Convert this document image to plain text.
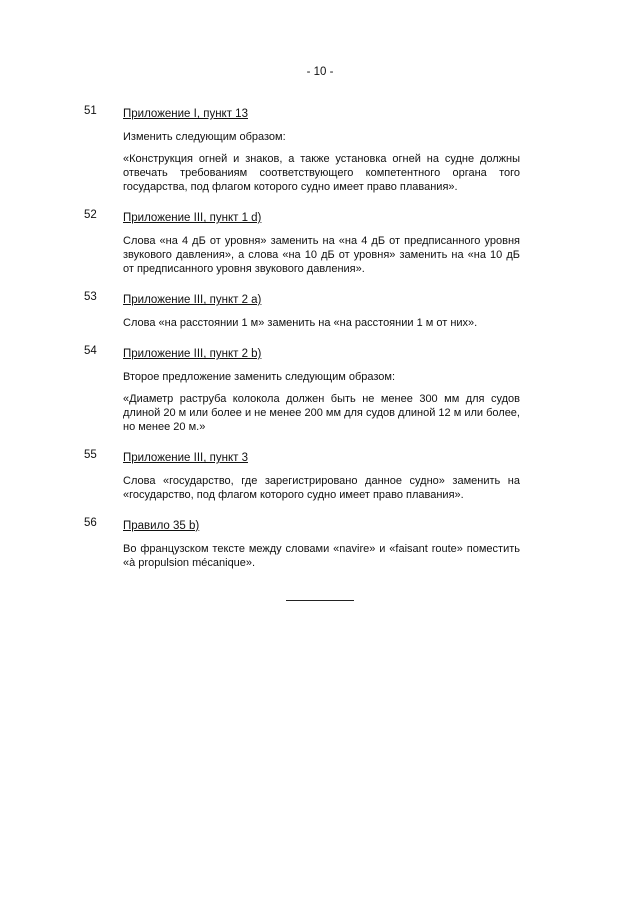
- 10 -
51 Приложение I, пункт 13

Изменить следующим образом:

«Конструкция огней и знаков, а также установка огней на судне должны отвечать требованиям соответствующего компетентного органа того государства, под флагом которого судно имеет право плавания».

52 Приложение III, пункт 1 d)

Слова «на 4 дБ от уровня» заменить на «на 4 дБ от предписанного уровня звукового давления», а слова «на 10 дБ от уровня» заменить на «на 10 дБ от предписанного уровня звукового давления».

53 Приложение III, пункт 2 a)

Слова «на расстоянии 1 м» заменить на «на расстоянии 1 м от них».

54 Приложение III, пункт 2 b)

Второе предложение заменить следующим образом:

«Диаметр раструба колокола должен быть не менее 300 мм для судов длиной 20 м или более и не менее 200 мм для судов длиной 12 м или более, но менее 20 м.»

55 Приложение III, пункт 3

Слова «государство, где зарегистрировано данное судно» заменить на «государство, под флагом которого судно имеет право плавания».

56 Правило 35 b)

Во французском тексте между словами «navire» и «faisant route» поместить «à propulsion mécanique».
